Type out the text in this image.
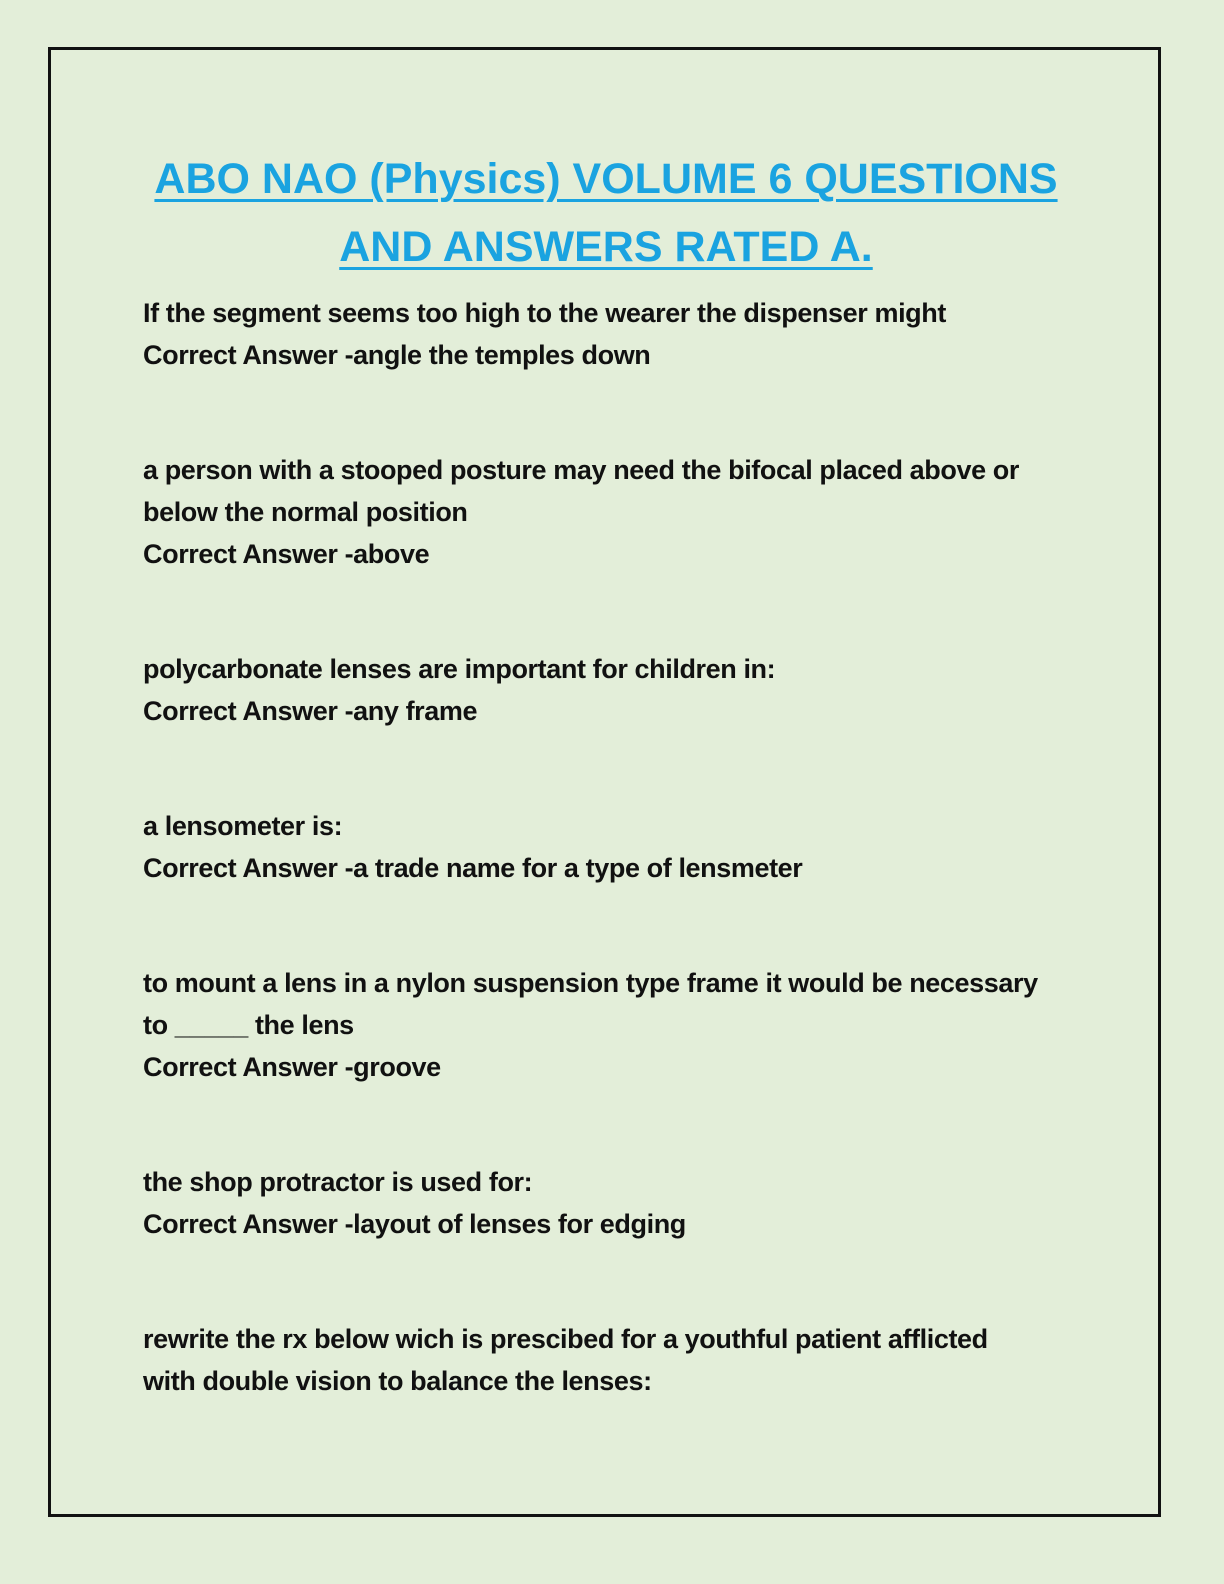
ABO NAO (Physics) VOLUME 6 QUESTIONS
AND ANSWERS RATED A.
If the segment seems too high to the wearer the dispenser might
Correct Answer -angle the temples down
a person with a stooped posture may need the bifocal placed above or
below the normal position
Correct Answer -above
polycarbonate lenses are important for children in:
Correct Answer -any frame
a lensometer is:
Correct Answer -a trade name for a type of lensmeter
to mount a lens in a nylon suspension type frame it would be necessary
to _____ the lens
Correct Answer -groove
the shop protractor is used for:
Correct Answer -layout of lenses for edging
rewrite the rx below wich is prescibed for a youthful patient afflicted
with double vision to balance the lenses:
